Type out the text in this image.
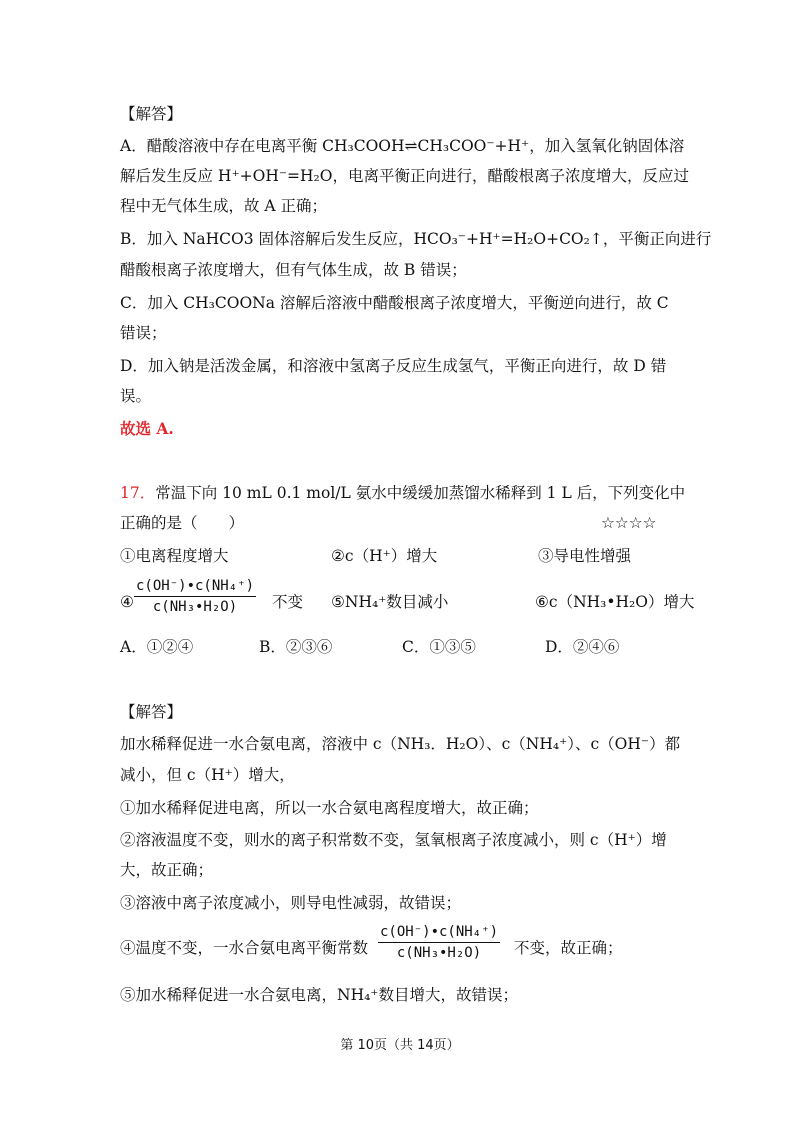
【解答】
A．醋酸溶液中存在电离平衡 CH₃COOH⇌CH₃COO⁻+H⁺，加入氢氧化钠固体溶
解后发生反应 H⁺+OH⁻=H₂O，电离平衡正向进行，醋酸根离子浓度增大，反应过
程中无气体生成，故 A 正确；
B．加入 NaHCO3 固体溶解后发生反应，HCO₃⁻+H⁺=H₂O+CO₂↑，平衡正向进行
醋酸根离子浓度增大，但有气体生成，故 B 错误；
C．加入 CH₃COONa 溶解后溶液中醋酸根离子浓度增大，平衡逆向进行，故 C
错误；
D．加入钠是活泼金属，和溶液中氢离子反应生成氢气，平衡正向进行，故 D 错
误。
故选 A.
17．常温下向 10 mL 0.1 mol/L 氨水中缓缓加蒸馏水稀释到 1 L 后，下列变化中
正确的是（　　）	☆☆☆☆
①电离程度增大	②c（H⁺）增大	③导电性增强
④
c(OH⁻)•c(NH₄⁺)
c(NH₃•H₂O) 不变 ⑤NH₄⁺数目减小	⑥c（NH₃•H₂O）增大
A．①②④	B．②③⑥	C．①③⑤	D．②④⑥
【解答】
加水稀释促进一水合氨电离，溶液中 c（NH₃．H₂O）、c（NH₄⁺）、c（OH⁻）都
减小，但 c（H⁺）增大，
①加水稀释促进电离，所以一水合氨电离程度增大，故正确；
②溶液温度不变，则水的离子积常数不变，氢氧根离子浓度减小，则 c（H⁺）增
大，故正确；
③溶液中离子浓度减小，则导电性减弱，故错误；
④温度不变，一水合氨电离平衡常数
c(OH⁻)•c(NH₄⁺)
c(NH₃•H₂O) 不变，故正确；
⑤加水稀释促进一水合氨电离，NH₄⁺数目增大，故错误；
第 10页（共 14页）
